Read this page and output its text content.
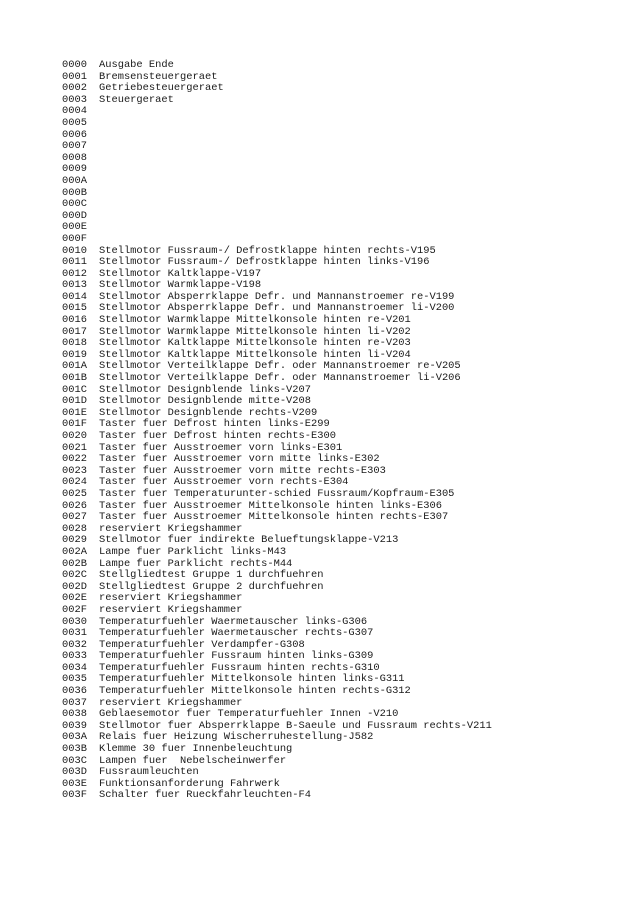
0000	Ausgabe Ende
0001	Bremsensteuergeraet
0002	Getriebesteuergeraet
0003	Steuergeraet
0004
0005
0006
0007
0008
0009
000A
000B
000C
000D
000E
000F
0010	Stellmotor Fussraum-/ Defrostklappe hinten rechts-V195
0011	Stellmotor Fussraum-/ Defrostklappe hinten links-V196
0012	Stellmotor Kaltklappe-V197
0013	Stellmotor Warmklappe-V198
0014	Stellmotor Absperrklappe Defr. und Mannanstroemer re-V199
0015	Stellmotor Absperrklappe Defr. und Mannanstroemer li-V200
0016	Stellmotor Warmklappe Mittelkonsole hinten re-V201
0017	Stellmotor Warmklappe Mittelkonsole hinten li-V202
0018	Stellmotor Kaltklappe Mittelkonsole hinten re-V203
0019	Stellmotor Kaltklappe Mittelkonsole hinten li-V204
001A	Stellmotor Verteilklappe Defr. oder Mannanstroemer re-V205
001B	Stellmotor Verteilklappe Defr. oder Mannanstroemer li-V206
001C	Stellmotor Designblende links-V207
001D	Stellmotor Designblende mitte-V208
001E	Stellmotor Designblende rechts-V209
001F	Taster fuer Defrost hinten links-E299
0020	Taster fuer Defrost hinten rechts-E300
0021	Taster fuer Ausstroemer vorn links-E301
0022	Taster fuer Ausstroemer vorn mitte links-E302
0023	Taster fuer Ausstroemer vorn mitte rechts-E303
0024	Taster fuer Ausstroemer vorn rechts-E304
0025	Taster fuer Temperaturunter-schied Fussraum/Kopfraum-E305
0026	Taster fuer Ausstroemer Mittelkonsole hinten links-E306
0027	Taster fuer Ausstroemer Mittelkonsole hinten rechts-E307
0028	reserviert Kriegshammer
0029	Stellmotor fuer indirekte Belueftungsklappe-V213
002A	Lampe fuer Parklicht links-M43
002B	Lampe fuer Parklicht rechts-M44
002C	Stellgliedtest Gruppe 1 durchfuehren
002D	Stellgliedtest Gruppe 2 durchfuehren
002E	reserviert Kriegshammer
002F	reserviert Kriegshammer
0030	Temperaturfuehler Waermetauscher links-G306
0031	Temperaturfuehler Waermetauscher rechts-G307
0032	Temperaturfuehler Verdampfer-G308
0033	Temperaturfuehler Fussraum hinten links-G309
0034	Temperaturfuehler Fussraum hinten rechts-G310
0035	Temperaturfuehler Mittelkonsole hinten links-G311
0036	Temperaturfuehler Mittelkonsole hinten rechts-G312
0037	reserviert Kriegshammer
0038	Geblaesemotor fuer Temperaturfuehler Innen -V210
0039	Stellmotor fuer Absperrklappe B-Saeule und Fussraum rechts-V211
003A	Relais fuer Heizung Wischerruhestellung-J582
003B	Klemme 30 fuer Innenbeleuchtung
003C	Lampen fuer  Nebelscheinwerfer
003D	Fussraumleuchten
003E	Funktionsanforderung Fahrwerk
003F	Schalter fuer Rueckfahrleuchten-F4
